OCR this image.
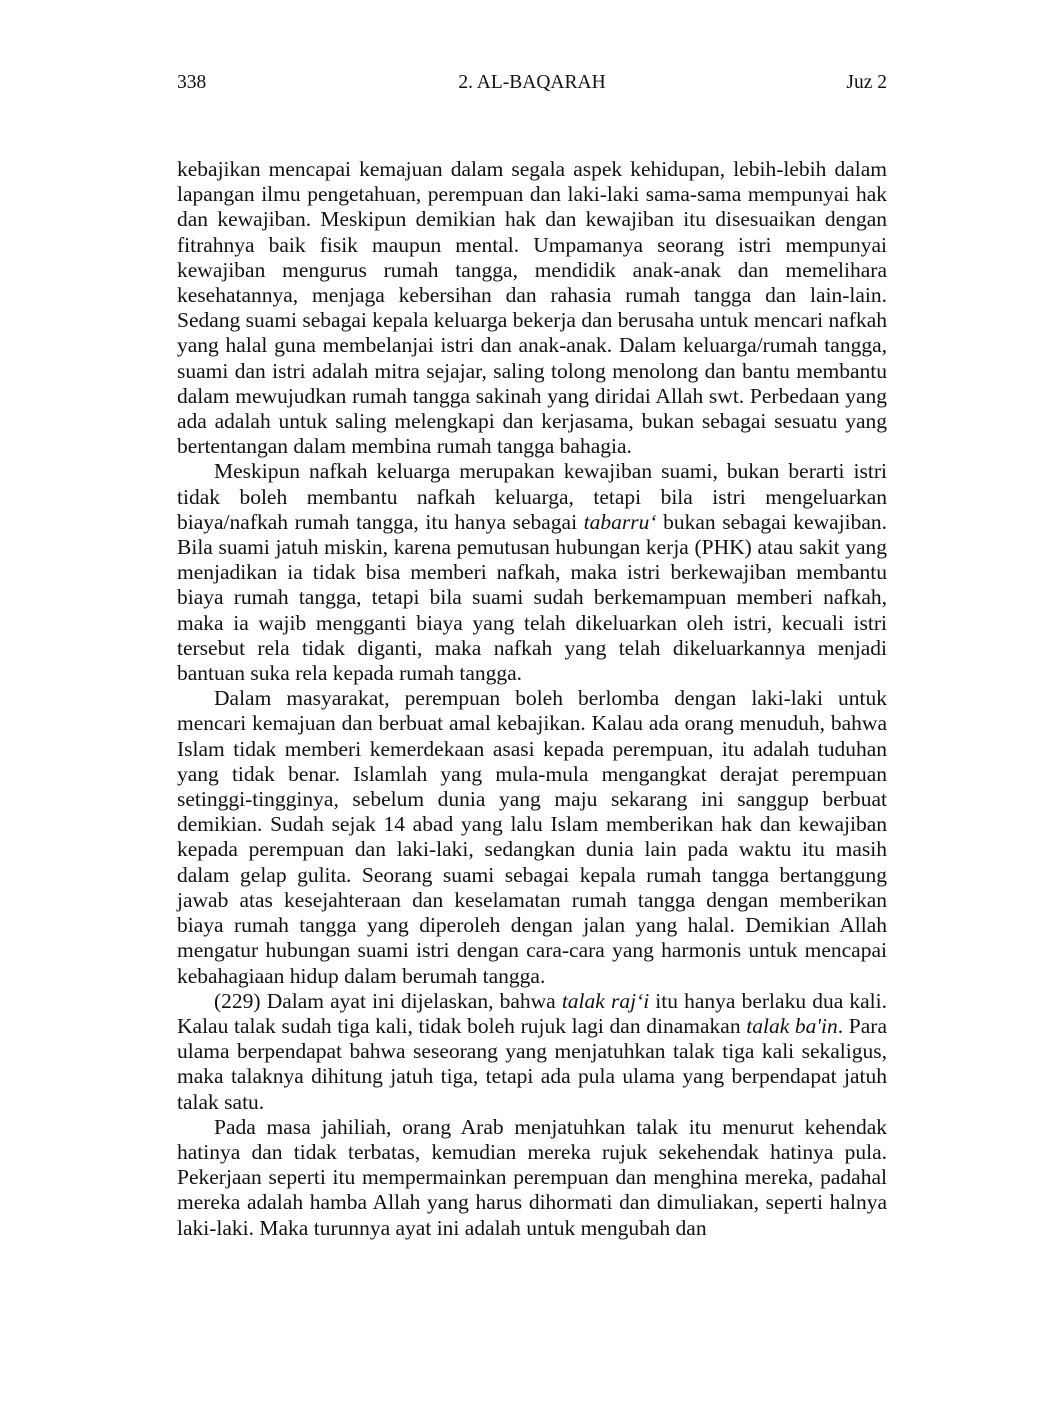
338	2. AL-BAQARAH	Juz 2

kebajikan mencapai kemajuan dalam segala aspek kehidupan, lebih-lebih dalam lapangan ilmu pengetahuan, perempuan dan laki-laki sama-sama mempunyai hak dan kewajiban. Meskipun demikian hak dan kewajiban itu disesuaikan dengan fitrahnya baik fisik maupun mental. Umpamanya seorang istri mempunyai kewajiban mengurus rumah tangga, mendidik anak-anak dan memelihara kesehatannya, menjaga kebersihan dan rahasia rumah tangga dan lain-lain. Sedang suami sebagai kepala keluarga bekerja dan berusaha untuk mencari nafkah yang halal guna membelanjai istri dan anak-anak. Dalam keluarga/rumah tangga, suami dan istri adalah mitra sejajar, saling tolong menolong dan bantu membantu dalam mewujudkan rumah tangga sakinah yang diridai Allah swt. Perbedaan yang ada adalah untuk saling melengkapi dan kerjasama, bukan sebagai sesuatu yang bertentangan dalam membina rumah tangga bahagia.

Meskipun nafkah keluarga merupakan kewajiban suami, bukan berarti istri tidak boleh membantu nafkah keluarga, tetapi bila istri mengeluarkan biaya/nafkah rumah tangga, itu hanya sebagai tabarru‘ bukan sebagai kewajiban. Bila suami jatuh miskin, karena pemutusan hubungan kerja (PHK) atau sakit yang menjadikan ia tidak bisa memberi nafkah, maka istri berkewajiban membantu biaya rumah tangga, tetapi bila suami sudah berkemampuan memberi nafkah, maka ia wajib mengganti biaya yang telah dikeluarkan oleh istri, kecuali istri tersebut rela tidak diganti, maka nafkah yang telah dikeluarkannya menjadi bantuan suka rela kepada rumah tangga.

Dalam masyarakat, perempuan boleh berlomba dengan laki-laki untuk mencari kemajuan dan berbuat amal kebajikan. Kalau ada orang menuduh, bahwa Islam tidak memberi kemerdekaan asasi kepada perempuan, itu adalah tuduhan yang tidak benar. Islamlah yang mula-mula mengangkat derajat perempuan setinggi-tingginya, sebelum dunia yang maju sekarang ini sanggup berbuat demikian. Sudah sejak 14 abad yang lalu Islam memberikan hak dan kewajiban kepada perempuan dan laki-laki, sedangkan dunia lain pada waktu itu masih dalam gelap gulita. Seorang suami sebagai kepala rumah tangga bertanggung jawab atas kesejahteraan dan keselamatan rumah tangga dengan memberikan biaya rumah tangga yang diperoleh dengan jalan yang halal. Demikian Allah mengatur hubungan suami istri dengan cara-cara yang harmonis untuk mencapai kebahagiaan hidup dalam berumah tangga.

(229) Dalam ayat ini dijelaskan, bahwa talak raj‘i itu hanya berlaku dua kali. Kalau talak sudah tiga kali, tidak boleh rujuk lagi dan dinamakan talak ba'in. Para ulama berpendapat bahwa seseorang yang menjatuhkan talak tiga kali sekaligus, maka talaknya dihitung jatuh tiga, tetapi ada pula ulama yang berpendapat jatuh talak satu.

Pada masa jahiliah, orang Arab menjatuhkan talak itu menurut kehendak hatinya dan tidak terbatas, kemudian mereka rujuk sekehendak hatinya pula. Pekerjaan seperti itu mempermainkan perempuan dan menghina mereka, padahal mereka adalah hamba Allah yang harus dihormati dan dimuliakan, seperti halnya laki-laki. Maka turunnya ayat ini adalah untuk mengubah dan
